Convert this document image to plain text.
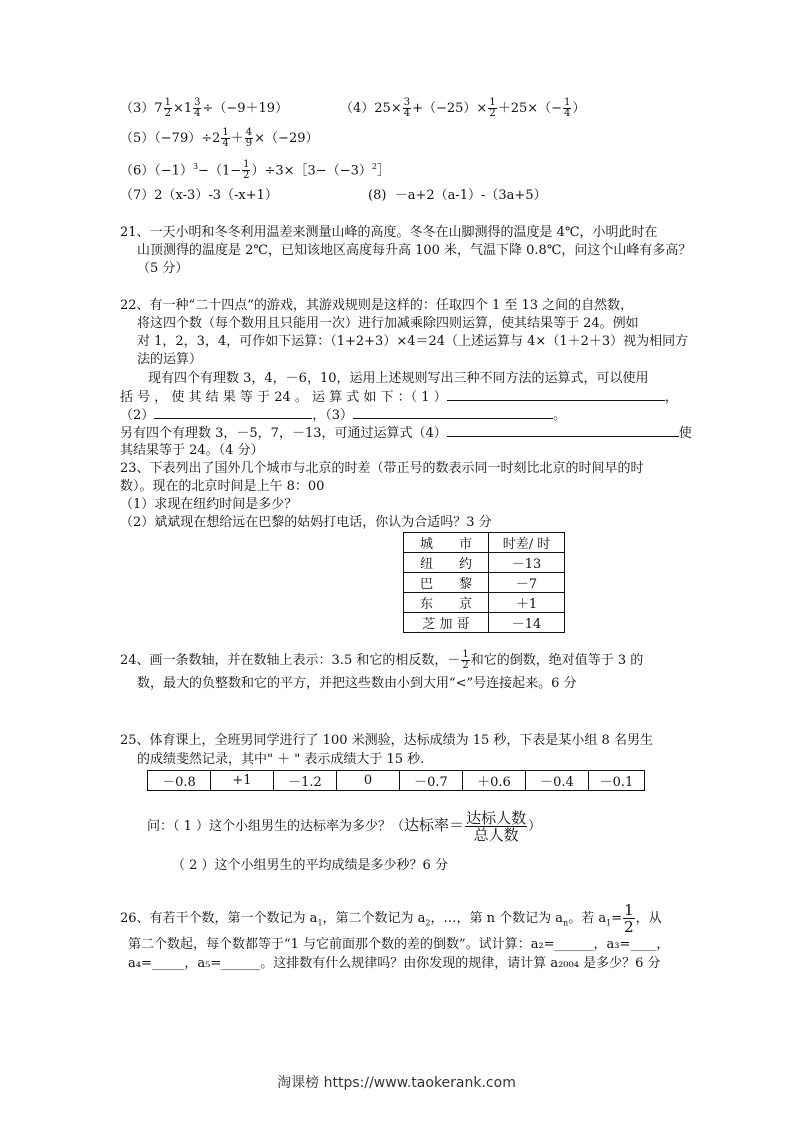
$(3)7 \frac{1}{2} \times 1 \frac{3}{4} \div(-9+19)$	$(4)25\times \frac{3}{4} +(-25)\times \frac{1}{2} +25\times(- \frac{1}{4}$ ）
$(5)(-79)\div 2 \frac{1}{4} + \frac{4}{9} \times(-29)$
$(6)(-1)^3-(1- \frac{1}{2}$ ）$\div 3\times[3-(-3)^2]$
（7）2（x-3）-3（-x+1）	(8) －a+2（a-1）-（3a+5）
21、一天小明和冬冬利用温差来测量山峰的高度。冬冬在山脚测得的温度是 4℃，小明此时在
山顶测得的温度是 2℃，已知该地区高度每升高 100 米，气温下降 0.8℃，问这个山峰有多高？
（5 分）
22、有一种“二十四点”的游戏，其游戏规则是这样的：任取四个 1 至 13 之间的自然数，
将这四个数（每个数用且只能用一次）进行加减乘除四则运算，使其结果等于 24。例如
对 1，2，3，4，可作如下运算：（1+2+3）×4＝24（上述运算与 4×（1＋2＋3）视为相同方
法的运算）
现有四个有理数 3，4，－6，10，运用上述规则写出三种不同方法的运算式，可以使用
括 号 ， 使 其 结 果 等 于 24 。 运 算 式 如 下 ：（ 1 ）	，
（2）	，（3）	。
另有四个有理数 3，－5，7，－13，可通过运算式（4）	使
其结果等于 24。（4 分）
23、下表列出了国外几个城市与北京的时差（带正号的数表示同一时刻比北京的时间早的时
数）。现在的北京时间是上午 8：00
（1）求现在纽约时间是多少？
（2）斌斌现在想给远在巴黎的姑妈打电话，你认为合适吗？3 分
城　　市	时差/ 时
纽　　约	－13
巴　　黎	－7
东　　京	＋1
芝 加 哥	－14
24、画一条数轴，并在数轴上表示：3.5 和它的相反数，－ $\frac{1}{2}$ 和它的倒数，绝对值等于 3 的
数，最大的负整数和它的平方，并把这些数由小到大用“<”号连接起来。6 分
25、体育课上，全班男同学进行了 100 米测验，达标成绩为 15 秒，下表是某小组 8 名男生
的成绩斐然记录，其中" ＋ " 表示成绩大于 15 秒.
－0.8	+1	－1.2	0	－0.7	＋0.6	－0.4	－0.1
问：（ 1 ）这个小组男生的达标率为多少？（达标率＝ $\frac{\text{达标人数}}{\text{总人数}}$ ）
（ 2 ）这个小组男生的平均成绩是多少秒？6 分
26、有若干个数，第一个数记为 $a_1$，第二个数记为 $a_2$，…，第 n 个数记为 $a_n$。若 $a_1= \frac{1}{2}$ ，从
第二个数起，每个数都等于“1 与它前面那个数的差的倒数”。试计算：a₂=______，a₃=____，
a₄=_____，a₅=______。这排数有什么规律吗？由你发现的规律，请计算 a₂₀₀₄ 是多少？6 分
淘课榜 https://www.taokerank.com
